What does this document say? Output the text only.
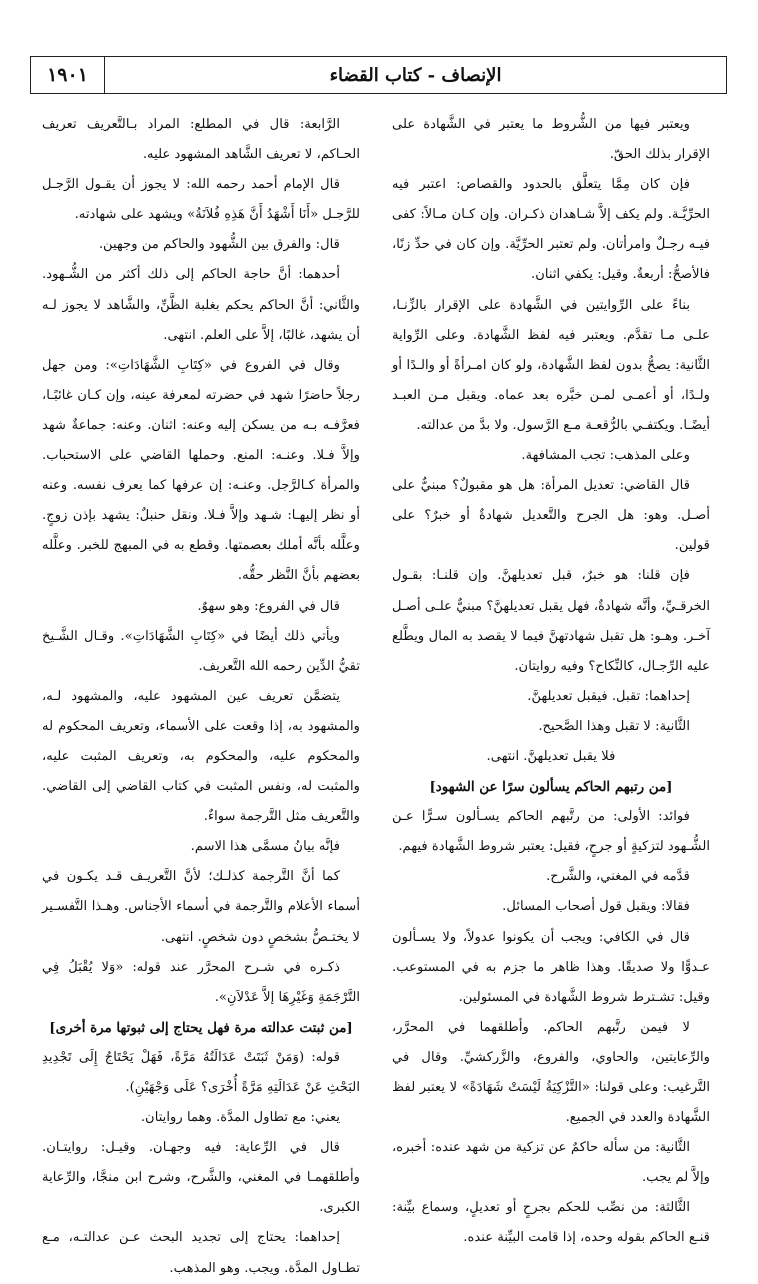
١٩٠١	الإنصاف - كتاب القضاء

ويعتبر فيها من الشُّروط ما يعتبر في الشَّهادة على الإقرار بذلك الحقّ.

فإن كان مِمَّا يتعلَّق بالحدود والقصاص: اعتبر فيه الحرِّيَّـة. ولم يكف إلاَّ شـاهدان ذكـران. وإن كـان مـالاً: كفى فيـه رجـلٌ وامرأتان. ولم تعتبر الحرِّيَّة. وإن كان في حدِّ زنًا، فالأصحُّ: أربعةٌ. وقيل: يكفي اثنان.

بناءً على الرِّوايتين في الشَّهادة على الإقرار بالزِّنـا، علـى مـا تقدَّم. ويعتبر فيه لفظ الشَّهادة. وعلى الرِّواية الثَّانية: يصحُّ بدون لفظ الشَّهادة، ولو كان امـرأةً أو والـدًا أو ولـدًا، أو أعمـى لمـن خبَّره بعد عماه. ويقبل مـن العبـد أيضًـا. ويكتفـي بالرُّقعـة مـع الرَّسول. ولا بدَّ من عدالته.

وعلى المذهب: تجب المشافهة.

قال القاضي: تعديل المرأة: هل هو مقبولٌ؟ مبنيٌّ على أصـل. وهو: هل الجرح والتَّعديل شهادةٌ أو خبرٌ؟ على قولين.

فإن قلنا: هو خبرٌ، قبل تعديلهنَّ. وإن قلنـا: بقـول الخرقـيِّ، وأنَّه شهادةٌ، فهل يقبل تعديلهنَّ؟ مبنيٌّ علـى أصـل آخـر. وهـو: هل تقبل شهادتهنَّ فيما لا يقصد به المال ويطَّلع عليه الرِّجـال، كالنِّكاح؟ وفيه روايتان.

إحداهما: تقبل. فيقبل تعديلهنَّ.

الثَّانية: لا تقبل وهذا الصَّحيح.

فلا يقبل تعديلهنَّ. انتهى.

[من رتبهم الحاكم يسألون سرًا عن الشهود]

فوائد: الأولى: من رتَّبهم الحاكم يسـألون سـرًّا عـن الشُّـهود لتزكيةٍ أو جرحٍ، فقيل: يعتبر شروط الشَّهادة فيهم.

قدَّمه في المغني، والشَّرح.

فقالا: ويقبل قول أصحاب المسائل.

قال في الكافي: ويجب أن يكونوا عدولاً، ولا يسـألون عـدوًّا ولا صديقًا. وهذا ظاهر ما جزم به في المستوعب. وقيل: تشـترط شروط الشَّهادة في المسئولين.

لا فيمن رتَّبهم الحاكم. وأطلقهما في المحرَّر، والرِّعايتين، والحاوي، والفروع، والزَّركشيِّ. وقال في التَّرغيب: وعلى قولنا: «التَّزْكِيَةُ لَيْسَتْ شَهَادَةً» لا يعتبر لفظ الشَّهادة والعدد في الجميع.

الثَّانية: من سأله حاكمٌ عن تزكية من شهد عنده: أخبره، وإلاَّ لم يجب.

الثَّالثة: من نصِّب للحكم بجرحٍ أو تعديلٍ، وسماع بيِّنة: قنـع الحاكم بقوله وحده، إذا قامت البيِّنة عنده.

الرَّابعة: قال في المطلع: المراد بـالتَّعريف تعريف الحـاكم، لا تعريف الشَّاهد المشهود عليه.

قال الإمام أحمد رحمه الله: لا يجوز أن يقـول الرَّجـل للرَّجـل «أَنَا أَشْهَدُ أَنَّ هَذِهِ فُلاَنَةُ» ويشهد على شهادته.

قال: والفرق بين الشُّهود والحاكم من وجهين.

أحدهما: أنَّ حاجة الحاكم إلى ذلك أكثر من الشُّـهود. والثَّاني: أنَّ الحاكم يحكم بغلبة الظَّنِّ، والشَّاهد لا يجوز لـه أن يشهد، غالبًا، إلاَّ على العلم. انتهى.

وقال في الفروع في «كِتَابِ الشَّهَادَاتِ»: ومن جهل رجلاً حاضرًا شهد في حضرته لمعرفة عينه، وإن كـان غائبًـا، فعرَّفـه بـه من يسكن إليه وعنه: اثنان. وعنه: جماعةٌ شهد وإلاَّ فـلا. وعنـه: المنع. وحملها القاضي على الاستحباب. والمرأة كـالرَّجل. وعنـه: إن عرفها كما يعرف نفسه. وعنه أو نظر إليهـا: شـهد وإلاَّ فـلا. ونقل حنبلٌ: يشهد بإذن زوجٍ. وعلَّله بأنَّه أملك بعصمتها. وقطع به في المبهج للخبر. وعلَّله بعضهم بأنَّ النَّظر حقُّه.

قال في الفروع: وهو سهوٌ.

ويأتي ذلك أيضًا في «كِتَابِ الشَّهَادَاتِ». وقـال الشَّـيخ تقيُّ الدِّين رحمه الله التَّعريف.

يتضمَّن تعريف عين المشهود عليه، والمشهود لـه، والمشهود به، إذا وقعت على الأسماء، وتعريف المحكوم له والمحكوم عليه، والمحكوم به، وتعريف المثبت عليه، والمثبت له، ونفس المثبت في كتاب القاضي إلى القاضي. والتَّعريف مثل التَّرجمة سواءٌ.

فإنَّه بيانُ مسمَّى هذا الاسم.

كما أنَّ التَّرجمة كذلـك؛ لأنَّ التَّعريـف قـد يكـون في أسماء الأعلام والتَّرجمة في أسماء الأجناس. وهـذا التَّفسـير لا يختـصُّ بشخصٍ دون شخصٍ. انتهى.

ذكـره في شـرح المحرَّر عند قوله: «وَلا يُقْبَلُ فِي التَّرْجَمَةِ وَغَيْرِهَا إلاَّ عَدْلاَنِ».

[من ثبتت عدالته مرة فهل يحتاج إلى ثبوتها مرة أخرى]

قوله: (وَمَنْ ثَبَتَتْ عَدَالَتُهُ مَرَّةً، فَهَلْ يَحْتَاجُ إِلَى تَجْدِيدِ البَحْثِ عَنْ عَدَالَتِهِ مَرَّةً أُخْرَى؟ عَلَى وَجْهَيْنِ).

يعني: مع تطاول المدَّة. وهما روايتان.

قال في الرِّعاية: فيه وجهـان. وقيـل: روايتـان. وأطلقهمـا في المغني، والشَّرح، وشرح ابن منجَّا، والرِّعاية الكبرى.

إحداهما: يحتاج إلى تجديد البحث عـن عدالتـه، مـع تطـاول المدَّة. ويجب. وهو المذهب.
